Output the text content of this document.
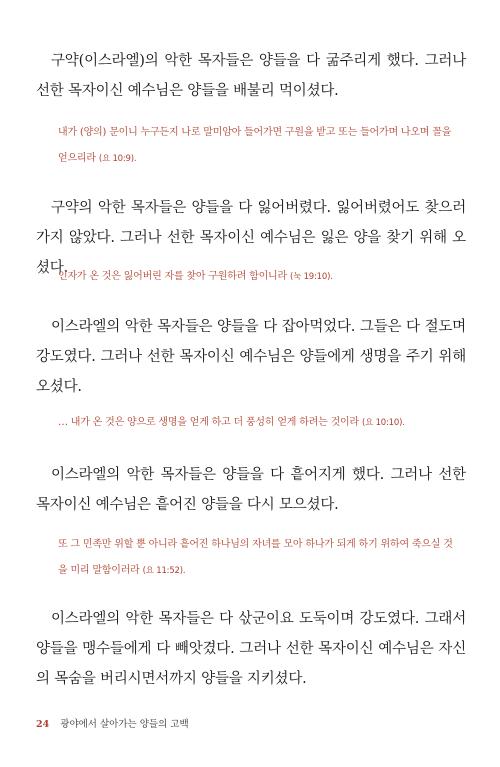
구약(이스라엘)의 악한 목자들은 양들을 다 굶주리게 했다. 그러나 선한 목자이신 예수님은 양들을 배불리 먹이셨다.

내가 (양의) 문이니 누구든지 나로 말미암아 들어가면 구원을 받고 또는 들어가며 나오며 꼴을 얻으리라 (요 10:9).

구약의 악한 목자들은 양들을 다 잃어버렸다. 잃어버렸어도 찾으러 가지 않았다. 그러나 선한 목자이신 예수님은 잃은 양을 찾기 위해 오셨다.

인자가 온 것은 잃어버린 자를 찾아 구원하려 함이니라 (눅 19:10).

이스라엘의 악한 목자들은 양들을 다 잡아먹었다. 그들은 다 절도며 강도였다. 그러나 선한 목자이신 예수님은 양들에게 생명을 주기 위해 오셨다.

… 내가 온 것은 양으로 생명을 얻게 하고 더 풍성히 얻게 하려는 것이라 (요 10:10).

이스라엘의 악한 목자들은 양들을 다 흩어지게 했다. 그러나 선한 목자이신 예수님은 흩어진 양들을 다시 모으셨다.

또 그 민족만 위할 뿐 아니라 흩어진 하나님의 자녀를 모아 하나가 되게 하기 위하여 죽으실 것을 미리 말함이러라 (요 11:52).

이스라엘의 악한 목자들은 다 삯군이요 도둑이며 강도였다. 그래서 양들을 맹수들에게 다 빼앗겼다. 그러나 선한 목자이신 예수님은 자신의 목숨을 버리시면서까지 양들을 지키셨다.

24 광야에서 살아가는 양들의 고백
